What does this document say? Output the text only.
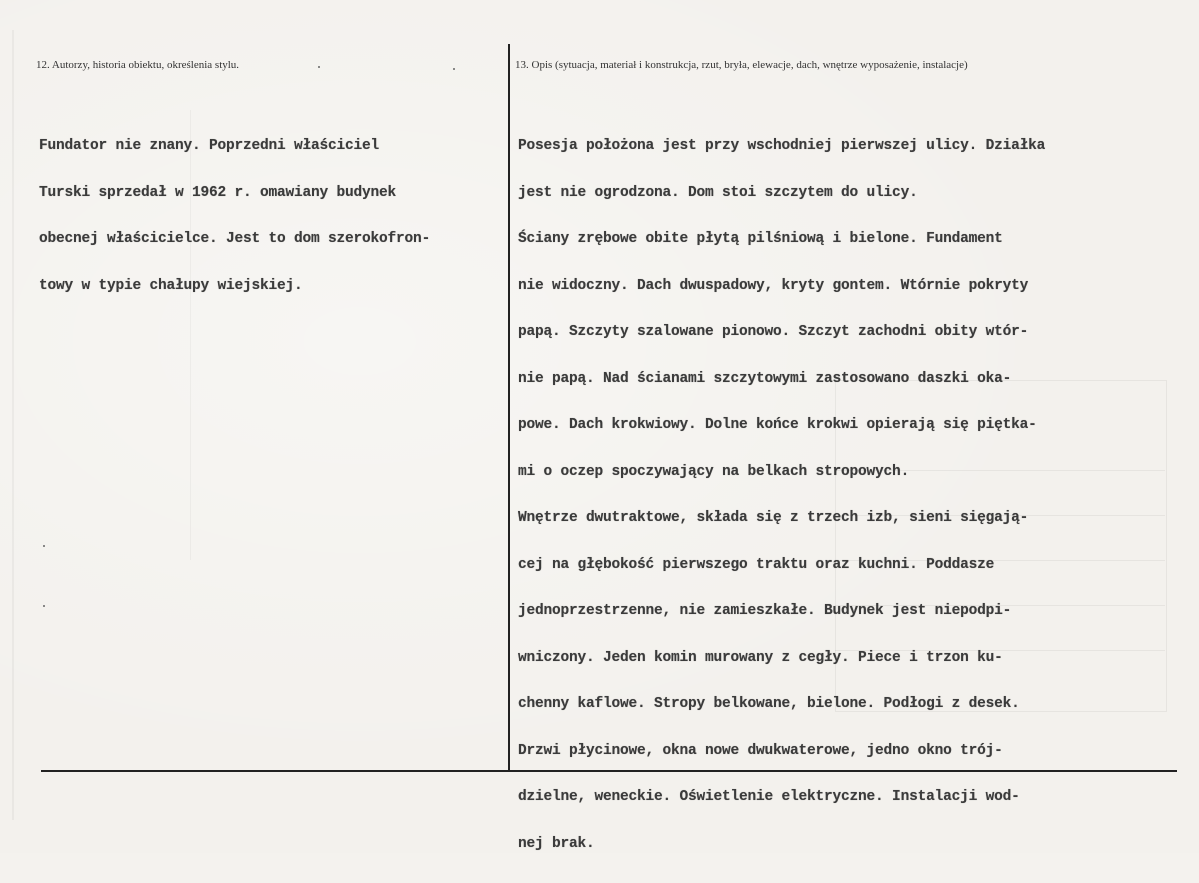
12. Autorzy, historia obiektu, określenia stylu.	13. Opis (sytuacja, materiał i konstrukcja, rzut, bryła, elewacje, dach, wnętrze wyposażenie, instalacje)

Fundator nie znany. Poprzedni właściciel

Turski sprzedał w 1962 r. omawiany budynek

obecnej właścicielce. Jest to dom szerokofron-

towy w typie chałupy wiejskiej.

Posesja położona jest przy wschodniej pierwszej ulicy. Działka

jest nie ogrodzona. Dom stoi szczytem do ulicy.

Ściany zrębowe obite płytą pilśniową i bielone. Fundament

nie widoczny. Dach dwuspadowy, kryty gontem. Wtórnie pokryty

papą. Szczyty szalowane pionowo. Szczyt zachodni obity wtór-

nie papą. Nad ścianami szczytowymi zastosowano daszki oka-

powe. Dach krokwiowy. Dolne końce krokwi opierają się piętka-

mi o oczep spoczywający na belkach stropowych.

Wnętrze dwutraktowe, składa się z trzech izb, sieni sięgają-

cej na głębokość pierwszego traktu oraz kuchni. Poddasze

jednoprzestrzenne, nie zamieszkałe. Budynek jest niepodpi-

wniczony. Jeden komin murowany z cegły. Piece i trzon ku-

chenny kaflowe. Stropy belkowane, bielone. Podłogi z desek.

Drzwi płycinowe, okna nowe dwukwaterowe, jedno okno trój-

dzielne, weneckie. Oświetlenie elektryczne. Instalacji wod-

nej brak.
